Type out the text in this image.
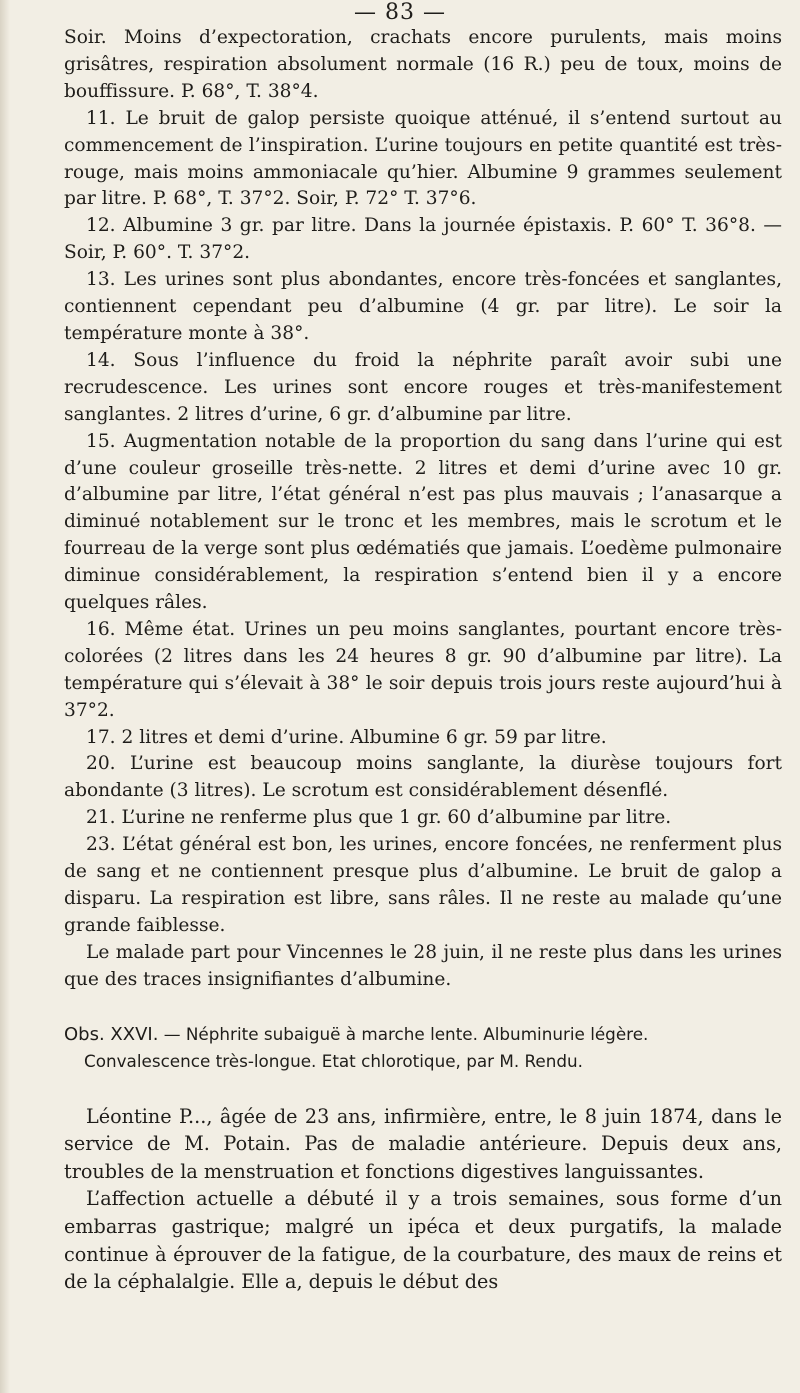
— 83 —

Soir. Moins d’expectoration, crachats encore purulents, mais moins grisâtres, respiration absolument normale (16 R.) peu de toux, moins de bouffissure. P. 68°, T. 38°4.

11. Le bruit de galop persiste quoique atténué, il s’entend surtout au commencement de l’inspiration. L’urine toujours en petite quantité est très-rouge, mais moins ammoniacale qu’hier. Albumine 9 grammes seulement par litre. P. 68°, T. 37°2. Soir, P. 72° T. 37°6.

12. Albumine 3 gr. par litre. Dans la journée épistaxis. P. 60° T. 36°8. — Soir, P. 60°. T. 37°2.

13. Les urines sont plus abondantes, encore très-foncées et sanglantes, contiennent cependant peu d’albumine (4 gr. par litre). Le soir la température monte à 38°.

14. Sous l’influence du froid la néphrite paraît avoir subi une recrudescence. Les urines sont encore rouges et très-manifestement sanglantes. 2 litres d’urine, 6 gr. d’albumine par litre.

15. Augmentation notable de la proportion du sang dans l’urine qui est d’une couleur groseille très-nette. 2 litres et demi d’urine avec 10 gr. d’albumine par litre, l’état général n’est pas plus mauvais ; l’anasarque a diminué notablement sur le tronc et les membres, mais le scrotum et le fourreau de la verge sont plus œdématiés que jamais. L’oedème pulmonaire diminue considérablement, la respiration s’entend bien il y a encore quelques râles.

16. Même état. Urines un peu moins sanglantes, pourtant encore très-colorées (2 litres dans les 24 heures 8 gr. 90 d’albumine par litre). La température qui s’élevait à 38° le soir depuis trois jours reste aujourd’hui à 37°2.

17. 2 litres et demi d’urine. Albumine 6 gr. 59 par litre.

20. L’urine est beaucoup moins sanglante, la diurèse toujours fort abondante (3 litres). Le scrotum est considérablement désenflé.

21. L’urine ne renferme plus que 1 gr. 60 d’albumine par litre.

23. L’état général est bon, les urines, encore foncées, ne renferment plus de sang et ne contiennent presque plus d’albumine. Le bruit de galop a disparu. La respiration est libre, sans râles. Il ne reste au malade qu’une grande faiblesse.

Le malade part pour Vincennes le 28 juin, il ne reste plus dans les urines que des traces insignifiantes d’albumine.

Obs. XXVI. — Néphrite subaiguë à marche lente. Albuminurie légère.

Convalescence très-longue. Etat chlorotique, par M. Rendu.

Léontine P..., âgée de 23 ans, infirmière, entre, le 8 juin 1874, dans le service de M. Potain. Pas de maladie antérieure. Depuis deux ans, troubles de la menstruation et fonctions digestives languissantes.

L’affection actuelle a débuté il y a trois semaines, sous forme d’un embarras gastrique; malgré un ipéca et deux purgatifs, la malade continue à éprouver de la fatigue, de la courbature, des maux de reins et de la céphalalgie. Elle a, depuis le début des
